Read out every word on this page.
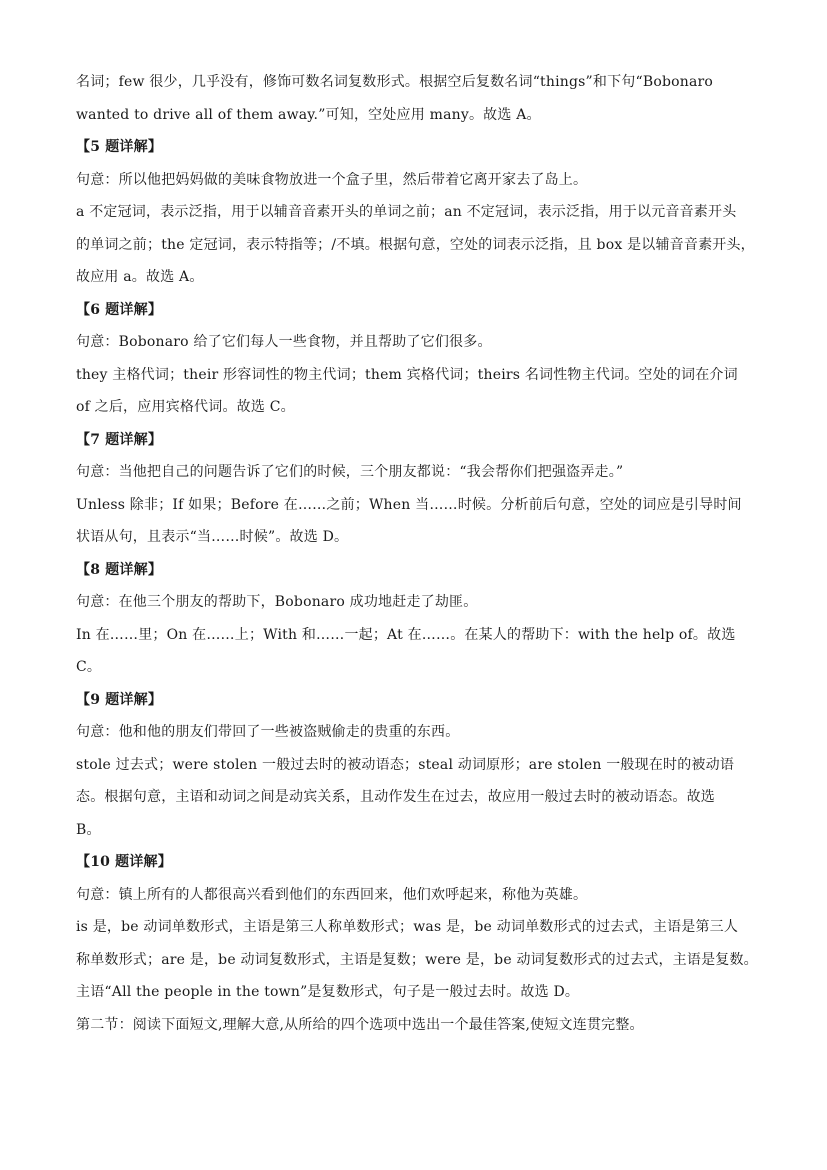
名词；few 很少，几乎没有，修饰可数名词复数形式。根据空后复数名词“things”和下句“Bobonaro
wanted to drive all of them away.”可知，空处应用 many。故选 A。
【5 题详解】
句意：所以他把妈妈做的美味食物放进一个盒子里，然后带着它离开家去了岛上。
a 不定冠词，表示泛指，用于以辅音音素开头的单词之前；an 不定冠词，表示泛指，用于以元音音素开头
的单词之前；the 定冠词，表示特指等；/不填。根据句意，空处的词表示泛指，且 box 是以辅音音素开头，
故应用 a。故选 A。
【6 题详解】
句意：Bobonaro 给了它们每人一些食物，并且帮助了它们很多。
they 主格代词；their 形容词性的物主代词；them 宾格代词；theirs 名词性物主代词。空处的词在介词
of 之后，应用宾格代词。故选 C。
【7 题详解】
句意：当他把自己的问题告诉了它们的时候，三个朋友都说：“我会帮你们把强盗弄走。”
Unless 除非；If 如果；Before 在……之前；When 当……时候。分析前后句意，空处的词应是引导时间
状语从句，且表示“当……时候”。故选 D。
【8 题详解】
句意：在他三个朋友的帮助下，Bobonaro 成功地赶走了劫匪。
In 在……里；On 在……上；With 和……一起；At 在……。在某人的帮助下：with the help of。故选
C。
【9 题详解】
句意：他和他的朋友们带回了一些被盗贼偷走的贵重的东西。
stole 过去式；were stolen 一般过去时的被动语态；steal 动词原形；are stolen 一般现在时的被动语
态。根据句意，主语和动词之间是动宾关系，且动作发生在过去，故应用一般过去时的被动语态。故选
B。
【10 题详解】
句意：镇上所有的人都很高兴看到他们的东西回来，他们欢呼起来，称他为英雄。
is 是，be 动词单数形式，主语是第三人称单数形式；was 是，be 动词单数形式的过去式，主语是第三人
称单数形式；are 是，be 动词复数形式，主语是复数；were 是，be 动词复数形式的过去式，主语是复数。
主语“All the people in the town”是复数形式，句子是一般过去时。故选 D。
第二节：阅读下面短文,理解大意,从所给的四个选项中选出一个最佳答案,使短文连贯完整。
